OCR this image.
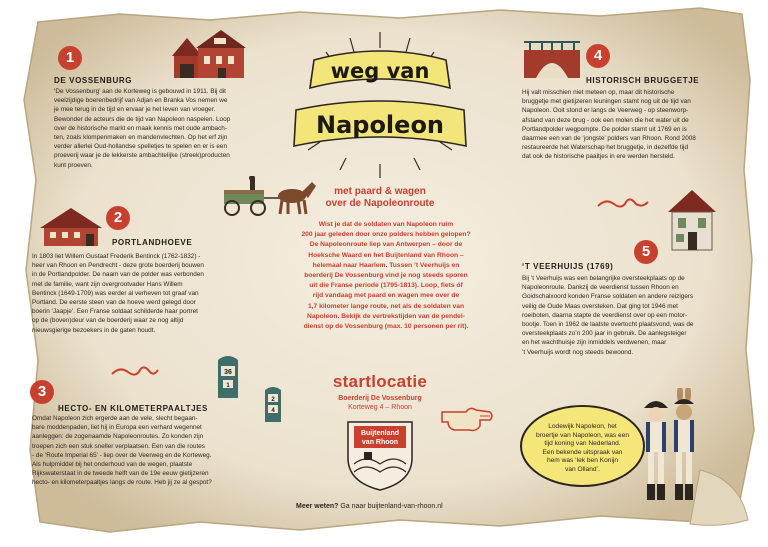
1
DE VOSSENBURG

‘De Vossenburg’ aan de Korteweg is gebouwd in 1911. Bij dit

veelzijdige boerenbedrijf van Adjan en Branka Vos nemen we

je mee terug in de tijd en ervaar je het leven van vroeger.

Bewonder de acteurs die de tijd van Napoleon naspelen. Loop

over de historische markt en maak kennis met oude ambach-

ten, zoals klompenmaken en mandenvlechten. Op het erf zijn

verder allerlei Oud-hollandse spelletjes te spelen en er is een

proeverij waar je de lekkerste ambachtelijke (streek)producten

kunt proeven.

2
PORTLANDHOEVE

In 1803 liet Willem Gustaaf Frederik Bentinck (1762-1832) -

heer van Rhoon en Pendrecht - deze grote boerderij bouwen

in de Portlandpolder. De naam van de polder was verbonden

met de familie, want zijn overgrootvader Hans Willem

Bentinck (1649-1709) was eerder al verheven tot graaf van

Portland. De eerste steen van de hoeve werd gelegd door

boerin ‘Jaapje’. Een Franse soldaat schilderde haar portret

op de (boven)deur van de boerderij waar ze nog altijd

nieuwsgierige bezoekers in de gaten houdt.

36
1
2
4
3
HECTO- EN KILOMETERPAALTJES

Omdat Napoleon zich ergerde aan de vele, slecht begaan-

bare moddenpaden, liet hij in Europa een verhard wegennet

aanleggen: de zogenaamde Napoleonroutes. Zo konden zijn

troepen zich een stuk sneller verplaatsen. Een van die routes

- de ‘Route Imperial 65’ - liep over de Veerweg en de Korteweg.

Als hulpmiddel bij het onderhoud van de wegen, plaatste

Rijkswaterstaat in de tweede helft van de 19e eeuw gietijzeren

hecto- en kilometerpaaltjes langs de route. Heb jij ze al gespot?

weg van
Napoleon
met paard & wagen
over de Napoleonroute

Wist je dat de soldaten van Napoleon ruim

200 jaar geleden door onze polders hebben gelopen?

De Napoleonroute liep van Antwerpen – door de

Hoeksche Waard en het Buijtenland van Rhoon –

helemaal naar Haarlem. Tussen ’t Veerhuijs en

boerderij De Vossenburg vind je nog steeds sporen

uit die Franse periode (1795-1813). Loop, fiets óf

rijd vandaag met paard en wagen mee over de

1,7 kilometer lange route, net als de soldaten van

Napoleon. Bekijk de vertrekstijden van de pendel-

dienst op de Vossenburg (max. 10 personen per rit).

startlocatie
Boerderij De Vossenburg
Korteweg 4 – Rhoon
Buijtenland
van Rhoon
Meer weten? Ga naar buijtenland-van-rhoon.nl
4
HISTORISCH BRUGGETJE

Hij valt misschien niet meteen op, maar dit historische

bruggetje met gietijzeren leuningen stamt nog uit de tijd van

Napoleon. Ooit stond er langs de Veerweg - op steenworp-

afstand van deze brug - ook een molen die het water uit de

Portlandpolder wegpompte. De polder stamt uit 1769 en is

daarmee een van de ‘jongste’ polders van Rhoon. Rond 2008

restaureerde het Waterschap het bruggetje, in dezelfde tijd

dat ook de historische paaltjes in ere werden hersteld.

5
‘T VEERHUIJS (1769)

Bij ’t Veerhuijs was een belangrijke oversteekplaats op de

Napoleonroute. Dankzij de veerdienst tussen Rhoon en

Goidschalxoord konden Franse soldaten en andere reizigers

veilig de Oude Maas oversteken. Dat ging tot 1946 met

roeiboten, daarna stapte de veerdienst over op een motor-

bootje. Toen in 1962 de laatste overtocht plaatsvond, was de

oversteekplaats zo’n 200 jaar in gebruik. De aanlegsteiger

en het wachthuisje zijn inmiddels verdwenen, maar

’t Veerhuijs wordt nog steeds bewoond.

Lodewijk Napoleon, het

broertje van Napoleon, was een

tijd koning van Nederland.

Een bekende uitspraak van

hem was ‘lek ben Konijn

van Olland’.
